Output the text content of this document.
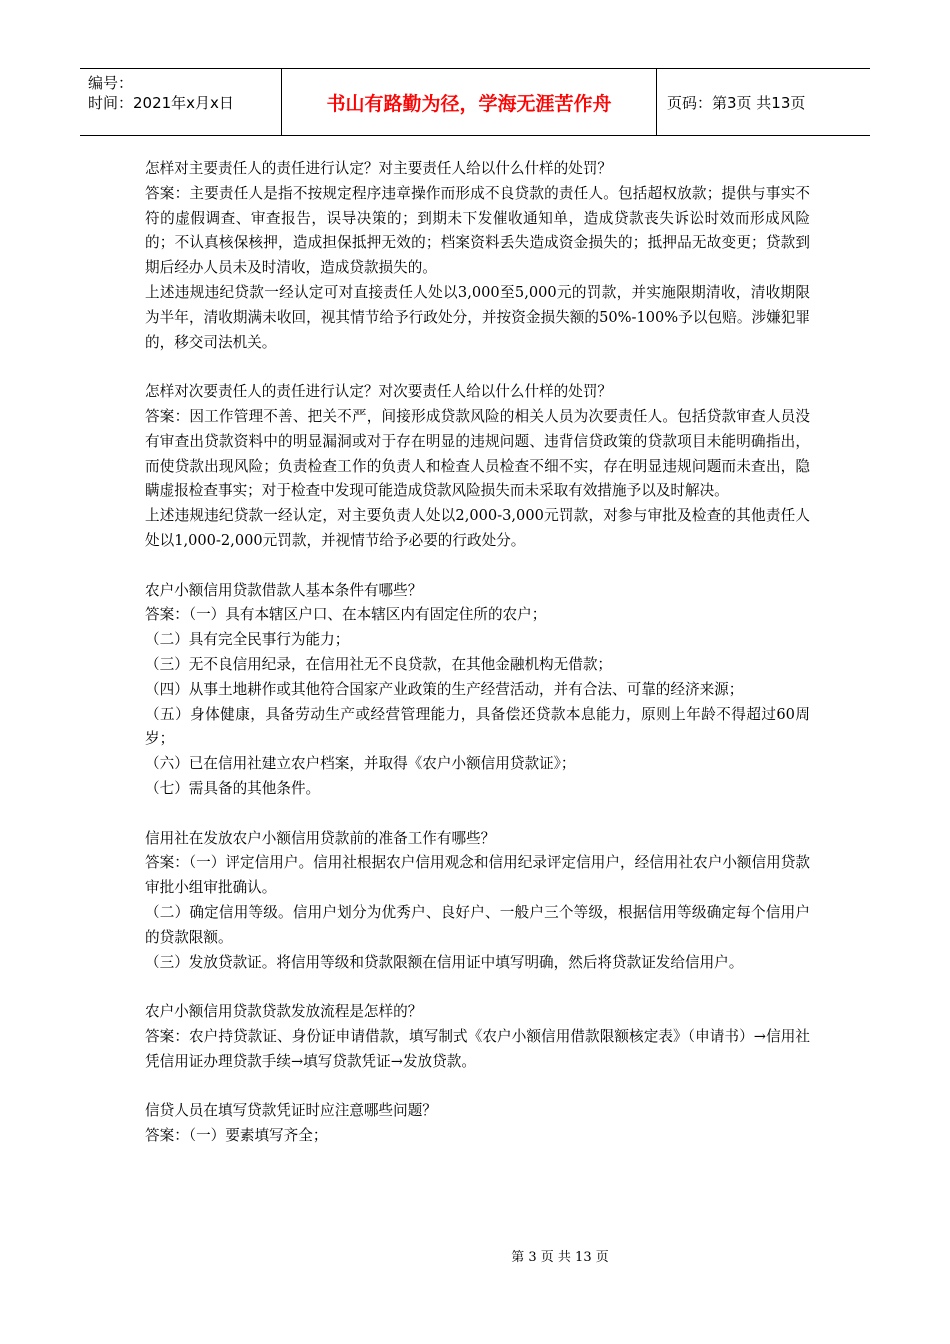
编号：
时间：2021年x月x日	书山有路勤为径，学海无涯苦作舟	页码：第3页 共13页

怎样对主要责任人的责任进行认定？对主要责任人给以什么什样的处罚？

答案：主要责任人是指不按规定程序违章操作而形成不良贷款的责任人。包括超权放款；提供与事实不符的虚假调查、审查报告，误导决策的；到期未下发催收通知单，造成贷款丧失诉讼时效而形成风险的；不认真核保核押，造成担保抵押无效的；档案资料丢失造成资金损失的；抵押品无故变更；贷款到期后经办人员未及时清收，造成贷款损失的。

上述违规违纪贷款一经认定可对直接责任人处以3,000至5,000元的罚款，并实施限期清收，清收期限为半年，清收期满未收回，视其情节给予行政处分，并按资金损失额的50%-100%予以包赔。涉嫌犯罪的，移交司法机关。

怎样对次要责任人的责任进行认定？对次要责任人给以什么什样的处罚？

答案：因工作管理不善、把关不严，间接形成贷款风险的相关人员为次要责任人。包括贷款审查人员没有审查出贷款资料中的明显漏洞或对于存在明显的违规问题、违背信贷政策的贷款项目未能明确指出，而使贷款出现风险；负责检查工作的负责人和检查人员检查不细不实，存在明显违规问题而未查出，隐瞒虚报检查事实；对于检查中发现可能造成贷款风险损失而未采取有效措施予以及时解决。

上述违规违纪贷款一经认定，对主要负责人处以2,000-3,000元罚款，对参与审批及检查的其他责任人处以1,000-2,000元罚款，并视情节给予必要的行政处分。

农户小额信用贷款借款人基本条件有哪些？

答案：（一）具有本辖区户口、在本辖区内有固定住所的农户；

（二）具有完全民事行为能力；

（三）无不良信用纪录，在信用社无不良贷款，在其他金融机构无借款；

（四）从事土地耕作或其他符合国家产业政策的生产经营活动，并有合法、可靠的经济来源；

（五）身体健康，具备劳动生产或经营管理能力，具备偿还贷款本息能力，原则上年龄不得超过60周岁；

（六）已在信用社建立农户档案，并取得《农户小额信用贷款证》；

（七）需具备的其他条件。

信用社在发放农户小额信用贷款前的准备工作有哪些？

答案：（一）评定信用户。信用社根据农户信用观念和信用纪录评定信用户，经信用社农户小额信用贷款审批小组审批确认。

（二）确定信用等级。信用户划分为优秀户、良好户、一般户三个等级，根据信用等级确定每个信用户的贷款限额。

（三）发放贷款证。将信用等级和贷款限额在信用证中填写明确，然后将贷款证发给信用户。

农户小额信用贷款贷款发放流程是怎样的？

答案：农户持贷款证、身份证申请借款，填写制式《农户小额信用借款限额核定表》（申请书）→信用社凭信用证办理贷款手续→填写贷款凭证→发放贷款。

信贷人员在填写贷款凭证时应注意哪些问题？

答案：（一）要素填写齐全；

第 3 页 共 13 页
